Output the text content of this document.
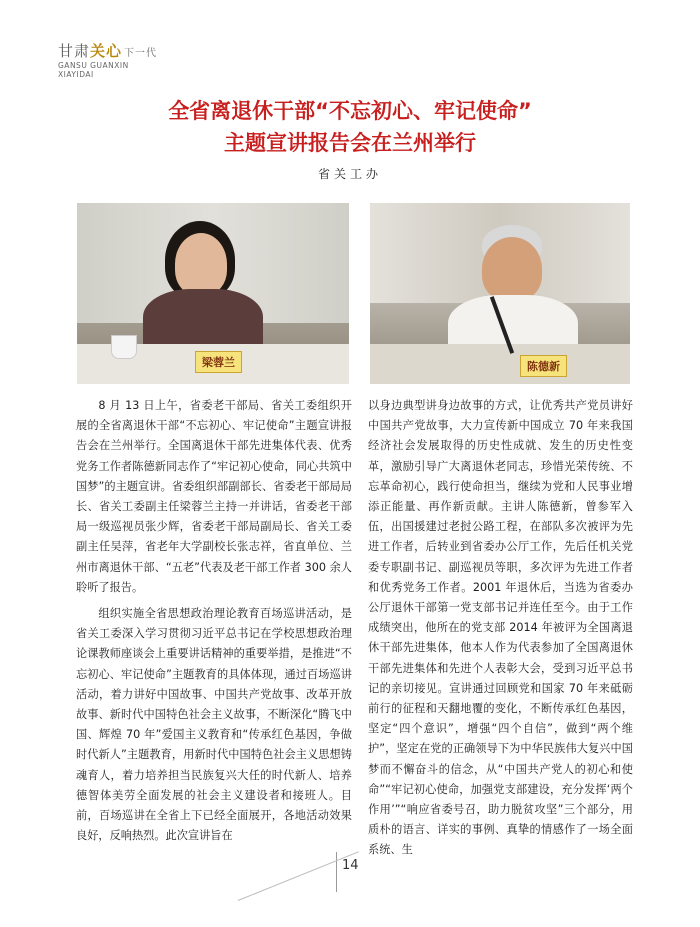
甘肃关心 下一代
GANSU GUANXIN
XIAYIDAI
全省离退休干部“不忘初心、牢记使命”
主题宣讲报告会在兰州举行
省关工办
梁蓉兰	陈德新

8 月 13 日上午，省委老干部局、省关工委组织开展的全省离退休干部“不忘初心、牢记使命”主题宣讲报告会在兰州举行。全国离退休干部先进集体代表、优秀党务工作者陈德新同志作了“牢记初心使命，同心共筑中国梦”的主题宣讲。省委组织部副部长、省委老干部局局长、省关工委副主任梁蓉兰主持一并讲话，省委老干部局一级巡视员张少辉，省委老干部局副局长、省关工委副主任吴萍，省老年大学副校长张志祥，省直单位、兰州市离退休干部、“五老”代表及老干部工作者 300 余人聆听了报告。

组织实施全省思想政治理论教育百场巡讲活动，是省关工委深入学习贯彻习近平总书记在学校思想政治理论课教师座谈会上重要讲话精神的重要举措，是推进“不忘初心、牢记使命”主题教育的具体体现，通过百场巡讲活动，着力讲好中国故事、中国共产党故事、改革开放故事、新时代中国特色社会主义故事，不断深化“腾飞中国、辉煌 70 年”爱国主义教育和“传承红色基因，争做时代新人”主题教育，用新时代中国特色社会主义思想铸魂育人，着力培养担当民族复兴大任的时代新人、培养德智体美劳全面发展的社会主义建设者和接班人。目前，百场巡讲在全省上下已经全面展开，各地活动效果良好，反响热烈。此次宣讲旨在

以身边典型讲身边故事的方式，让优秀共产党员讲好中国共产党故事，大力宣传新中国成立 70 年来我国经济社会发展取得的历史性成就、发生的历史性变革，激励引导广大离退休老同志，珍惜光荣传统、不忘革命初心，践行使命担当，继续为党和人民事业增添正能量、再作新贡献。主讲人陈德新，曾参军入伍，出国援建过老挝公路工程，在部队多次被评为先进工作者，后转业到省委办公厅工作，先后任机关党委专职副书记、副巡视员等职，多次评为先进工作者和优秀党务工作者。2001 年退休后，当选为省委办公厅退休干部第一党支部书记并连任至今。由于工作成绩突出，他所在的党支部 2014 年被评为全国离退休干部先进集体，他本人作为代表参加了全国离退休干部先进集体和先进个人表彰大会，受到习近平总书记的亲切接见。宣讲通过回顾党和国家 70 年来砥砺前行的征程和天翻地覆的变化，不断传承红色基因，坚定“四个意识”，增强“四个自信”，做到“两个维护”，坚定在党的正确领导下为中华民族伟大复兴中国梦而不懈奋斗的信念，从“中国共产党人的初心和使命”“牢记初心使命，加强党支部建设，充分发挥‘两个作用’”“响应省委号召，助力脱贫攻坚”三个部分，用质朴的语言、详实的事例、真挚的情感作了一场全面系统、生

14
